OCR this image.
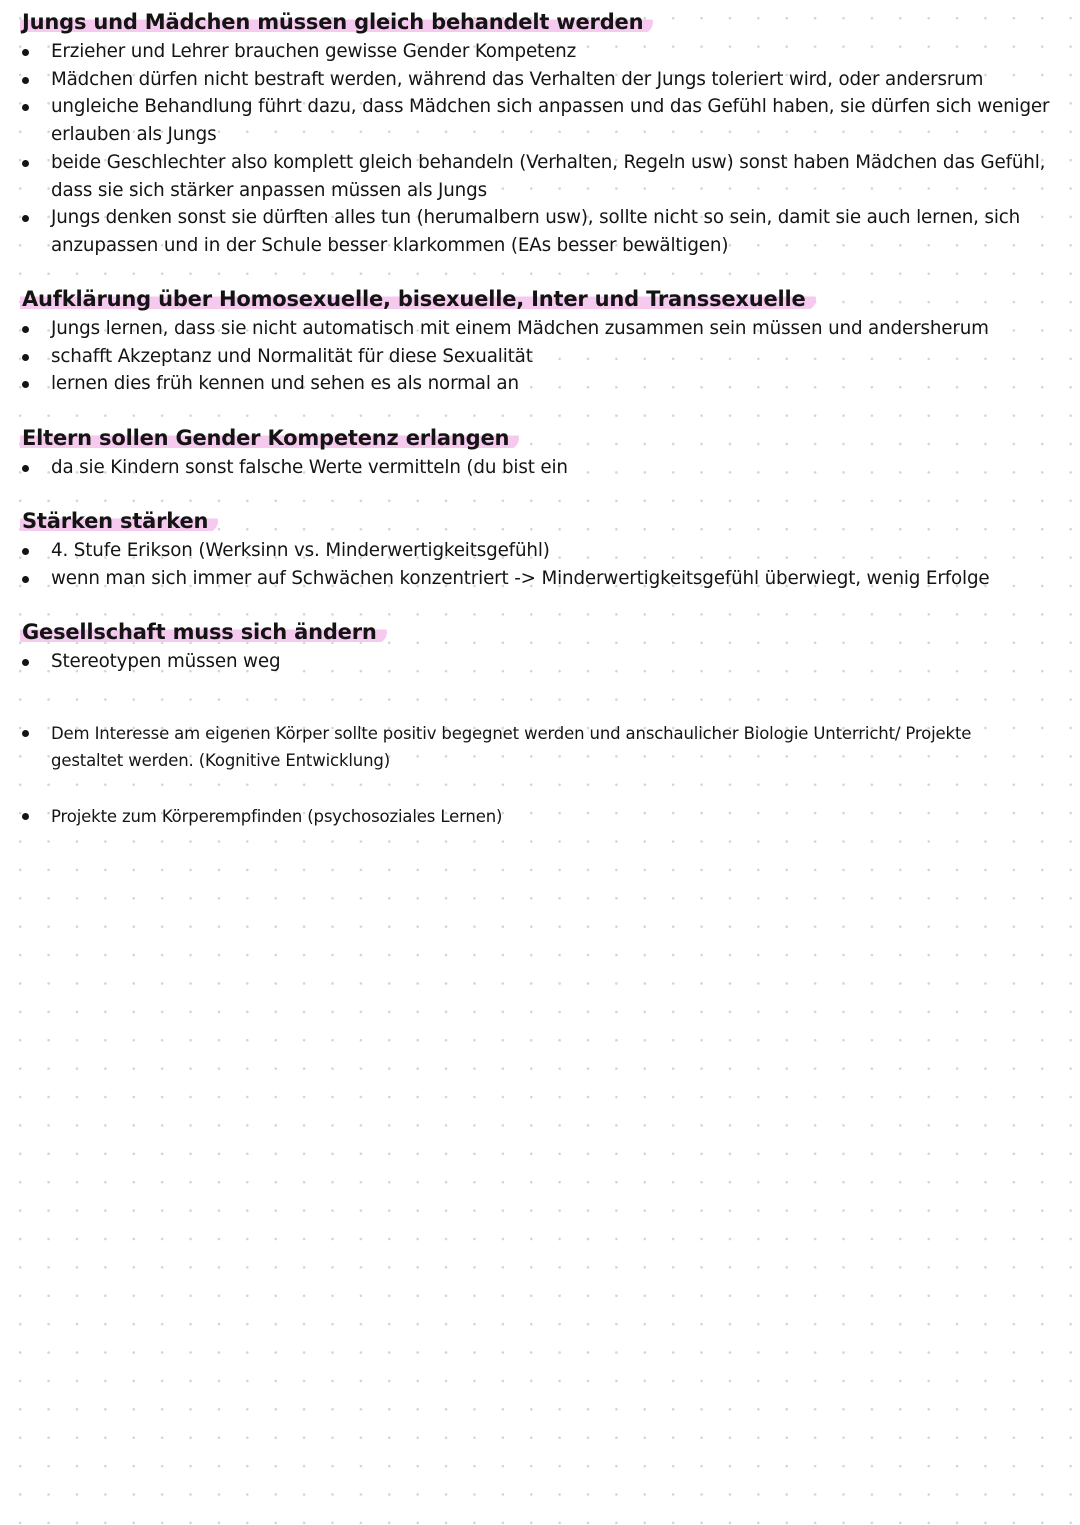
Jungs und Mädchen müssen gleich behandelt werden
Erzieher und Lehrer brauchen gewisse Gender Kompetenz
Mädchen dürfen nicht bestraft werden, während das Verhalten der Jungs toleriert wird, oder andersrum
ungleiche Behandlung führt dazu, dass Mädchen sich anpassen und das Gefühl haben, sie dürfen sich weniger erlauben als Jungs
beide Geschlechter also komplett gleich behandeln (Verhalten, Regeln usw) sonst haben Mädchen das Gefühl, dass sie sich stärker anpassen müssen als Jungs
Jungs denken sonst sie dürften alles tun (herumalbern usw), sollte nicht so sein, damit sie auch lernen, sich anzupassen und in der Schule besser klarkommen (EAs besser bewältigen)
Aufklärung über Homosexuelle, bisexuelle, Inter und Transsexuelle
Jungs lernen, dass sie nicht automatisch mit einem Mädchen zusammen sein müssen und andersherum
schafft Akzeptanz und Normalität für diese Sexualität
lernen dies früh kennen und sehen es als normal an
Eltern sollen Gender Kompetenz erlangen
da sie Kindern sonst falsche Werte vermitteln (du bist ein
Stärken stärken
4. Stufe Erikson (Werksinn vs. Minderwertigkeitsgefühl)
wenn man sich immer auf Schwächen konzentriert -> Minderwertigkeitsgefühl überwiegt, wenig Erfolge
Gesellschaft muss sich ändern
Stereotypen müssen weg
Dem Interesse am eigenen Körper sollte positiv begegnet werden und anschaulicher Biologie Unterricht/ Projekte gestaltet werden. (Kognitive Entwicklung)
Projekte zum Körperempfinden (psychosoziales Lernen)
